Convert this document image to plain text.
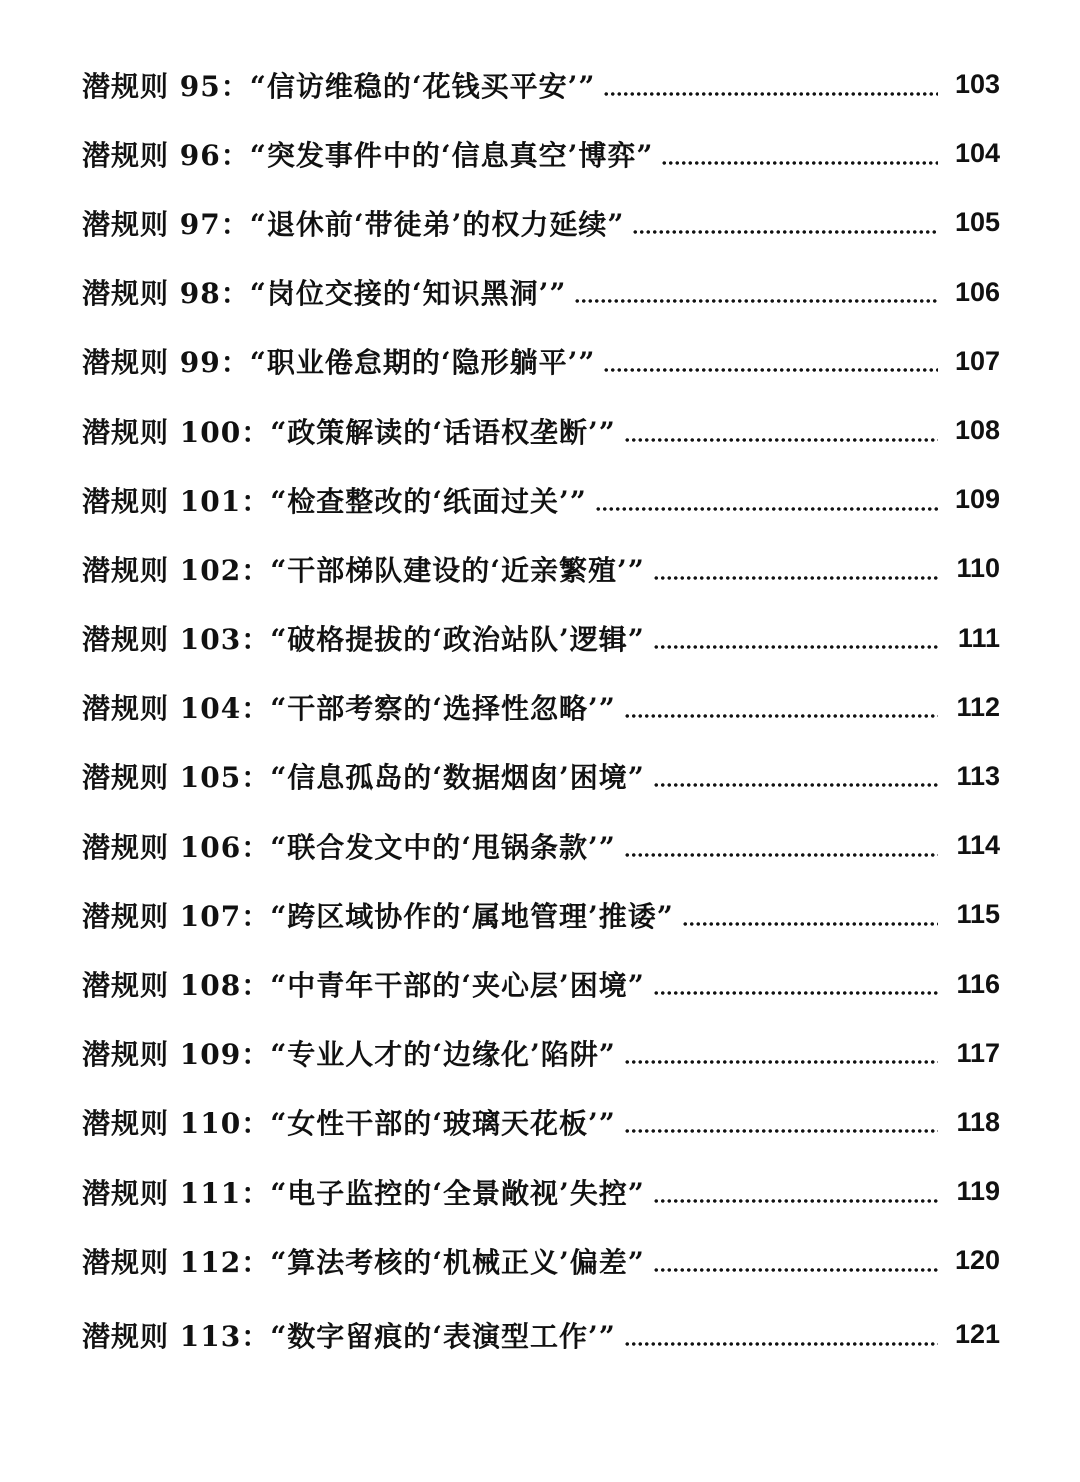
潜规则 95：“信访维稳的‘花钱买平安’”	103
潜规则 96：“突发事件中的‘信息真空’博弈”	104
潜规则 97：“退休前‘带徒弟’的权力延续”	105
潜规则 98：“岗位交接的‘知识黑洞’”	106
潜规则 99：“职业倦怠期的‘隐形躺平’”	107
潜规则 100：“政策解读的‘话语权垄断’”	108
潜规则 101：“检查整改的‘纸面过关’”	109
潜规则 102：“干部梯队建设的‘近亲繁殖’”	110
潜规则 103：“破格提拔的‘政治站队’逻辑”	111
潜规则 104：“干部考察的‘选择性忽略’”	112
潜规则 105：“信息孤岛的‘数据烟囱’困境”	113
潜规则 106：“联合发文中的‘甩锅条款’”	114
潜规则 107：“跨区域协作的‘属地管理’推诿”	115
潜规则 108：“中青年干部的‘夹心层’困境”	116
潜规则 109：“专业人才的‘边缘化’陷阱”	117
潜规则 110：“女性干部的‘玻璃天花板’”	118
潜规则 111：“电子监控的‘全景敞视’失控”	119
潜规则 112：“算法考核的‘机械正义’偏差”	120
潜规则 113：“数字留痕的‘表演型工作’”	121
